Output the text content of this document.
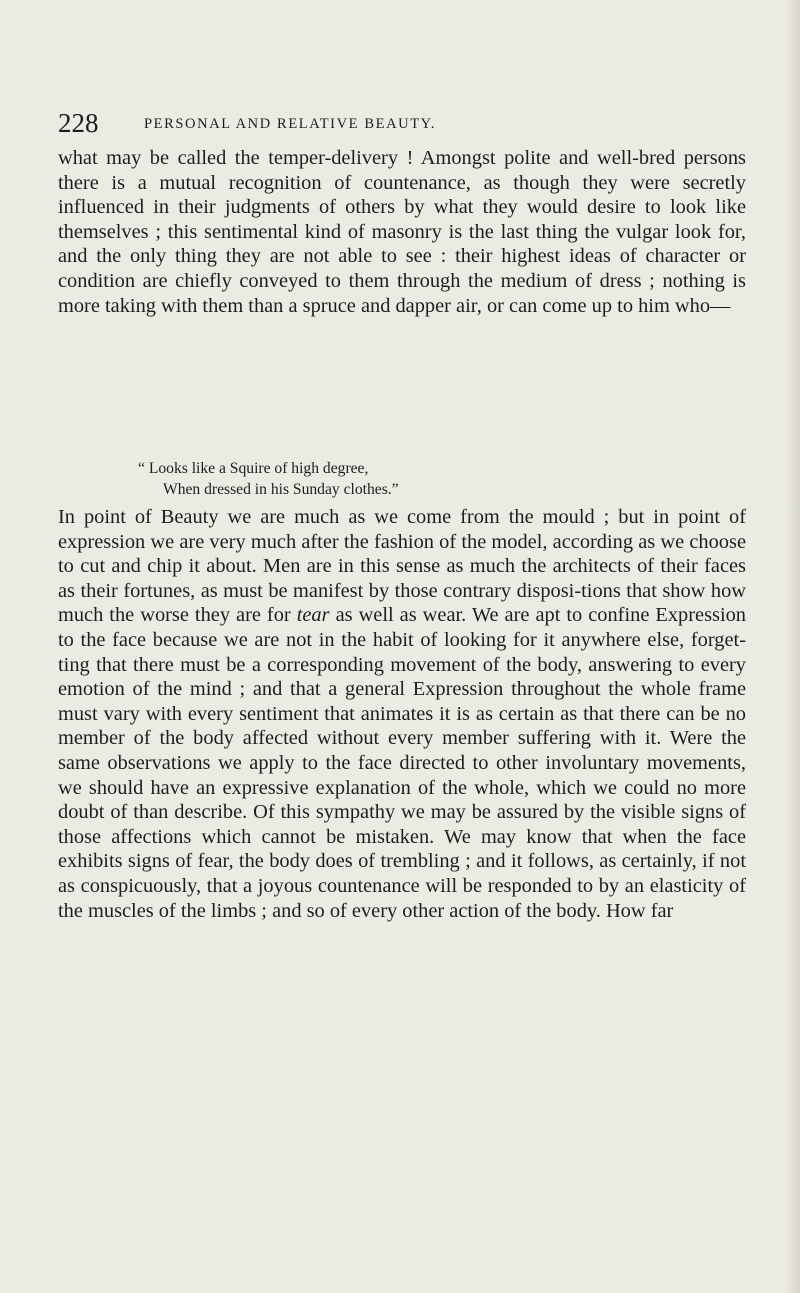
228	PERSONAL AND RELATIVE BEAUTY.

what may be called the temper-delivery ! Amongst polite and well-bred persons there is a mutual recognition of countenance, as though they were secretly influenced in their judgments of others by what they would desire to look like themselves ; this sentimental kind of masonry is the last thing the vulgar look for, and the only thing they are not able to see : their highest ideas of character or condition are chiefly conveyed to them through the medium of dress ; nothing is more taking with them than a spruce and dapper air, or can come up to him who—

“ Looks like a Squire of high degree,
When dressed in his Sunday clothes.”

In point of Beauty we are much as we come from the mould ; but in point of expression we are very much after the fashion of the model, according as we choose to cut and chip it about. Men are in this sense as much the architects of their faces as their fortunes, as must be manifest by those contrary disposi-tions that show how much the worse they are for tear as well as wear. We are apt to confine Expression to the face because we are not in the habit of looking for it anywhere else, forget-ting that there must be a corresponding movement of the body, answering to every emotion of the mind ; and that a general Expression throughout the whole frame must vary with every sentiment that animates it is as certain as that there can be no member of the body affected without every member suffering with it. Were the same observations we apply to the face directed to other involuntary movements, we should have an expressive explanation of the whole, which we could no more doubt of than describe. Of this sympathy we may be assured by the visible signs of those affections which cannot be mistaken. We may know that when the face exhibits signs of fear, the body does of trembling ; and it follows, as certainly, if not as conspicuously, that a joyous countenance will be responded to by an elasticity of the muscles of the limbs ; and so of every other action of the body. How far
